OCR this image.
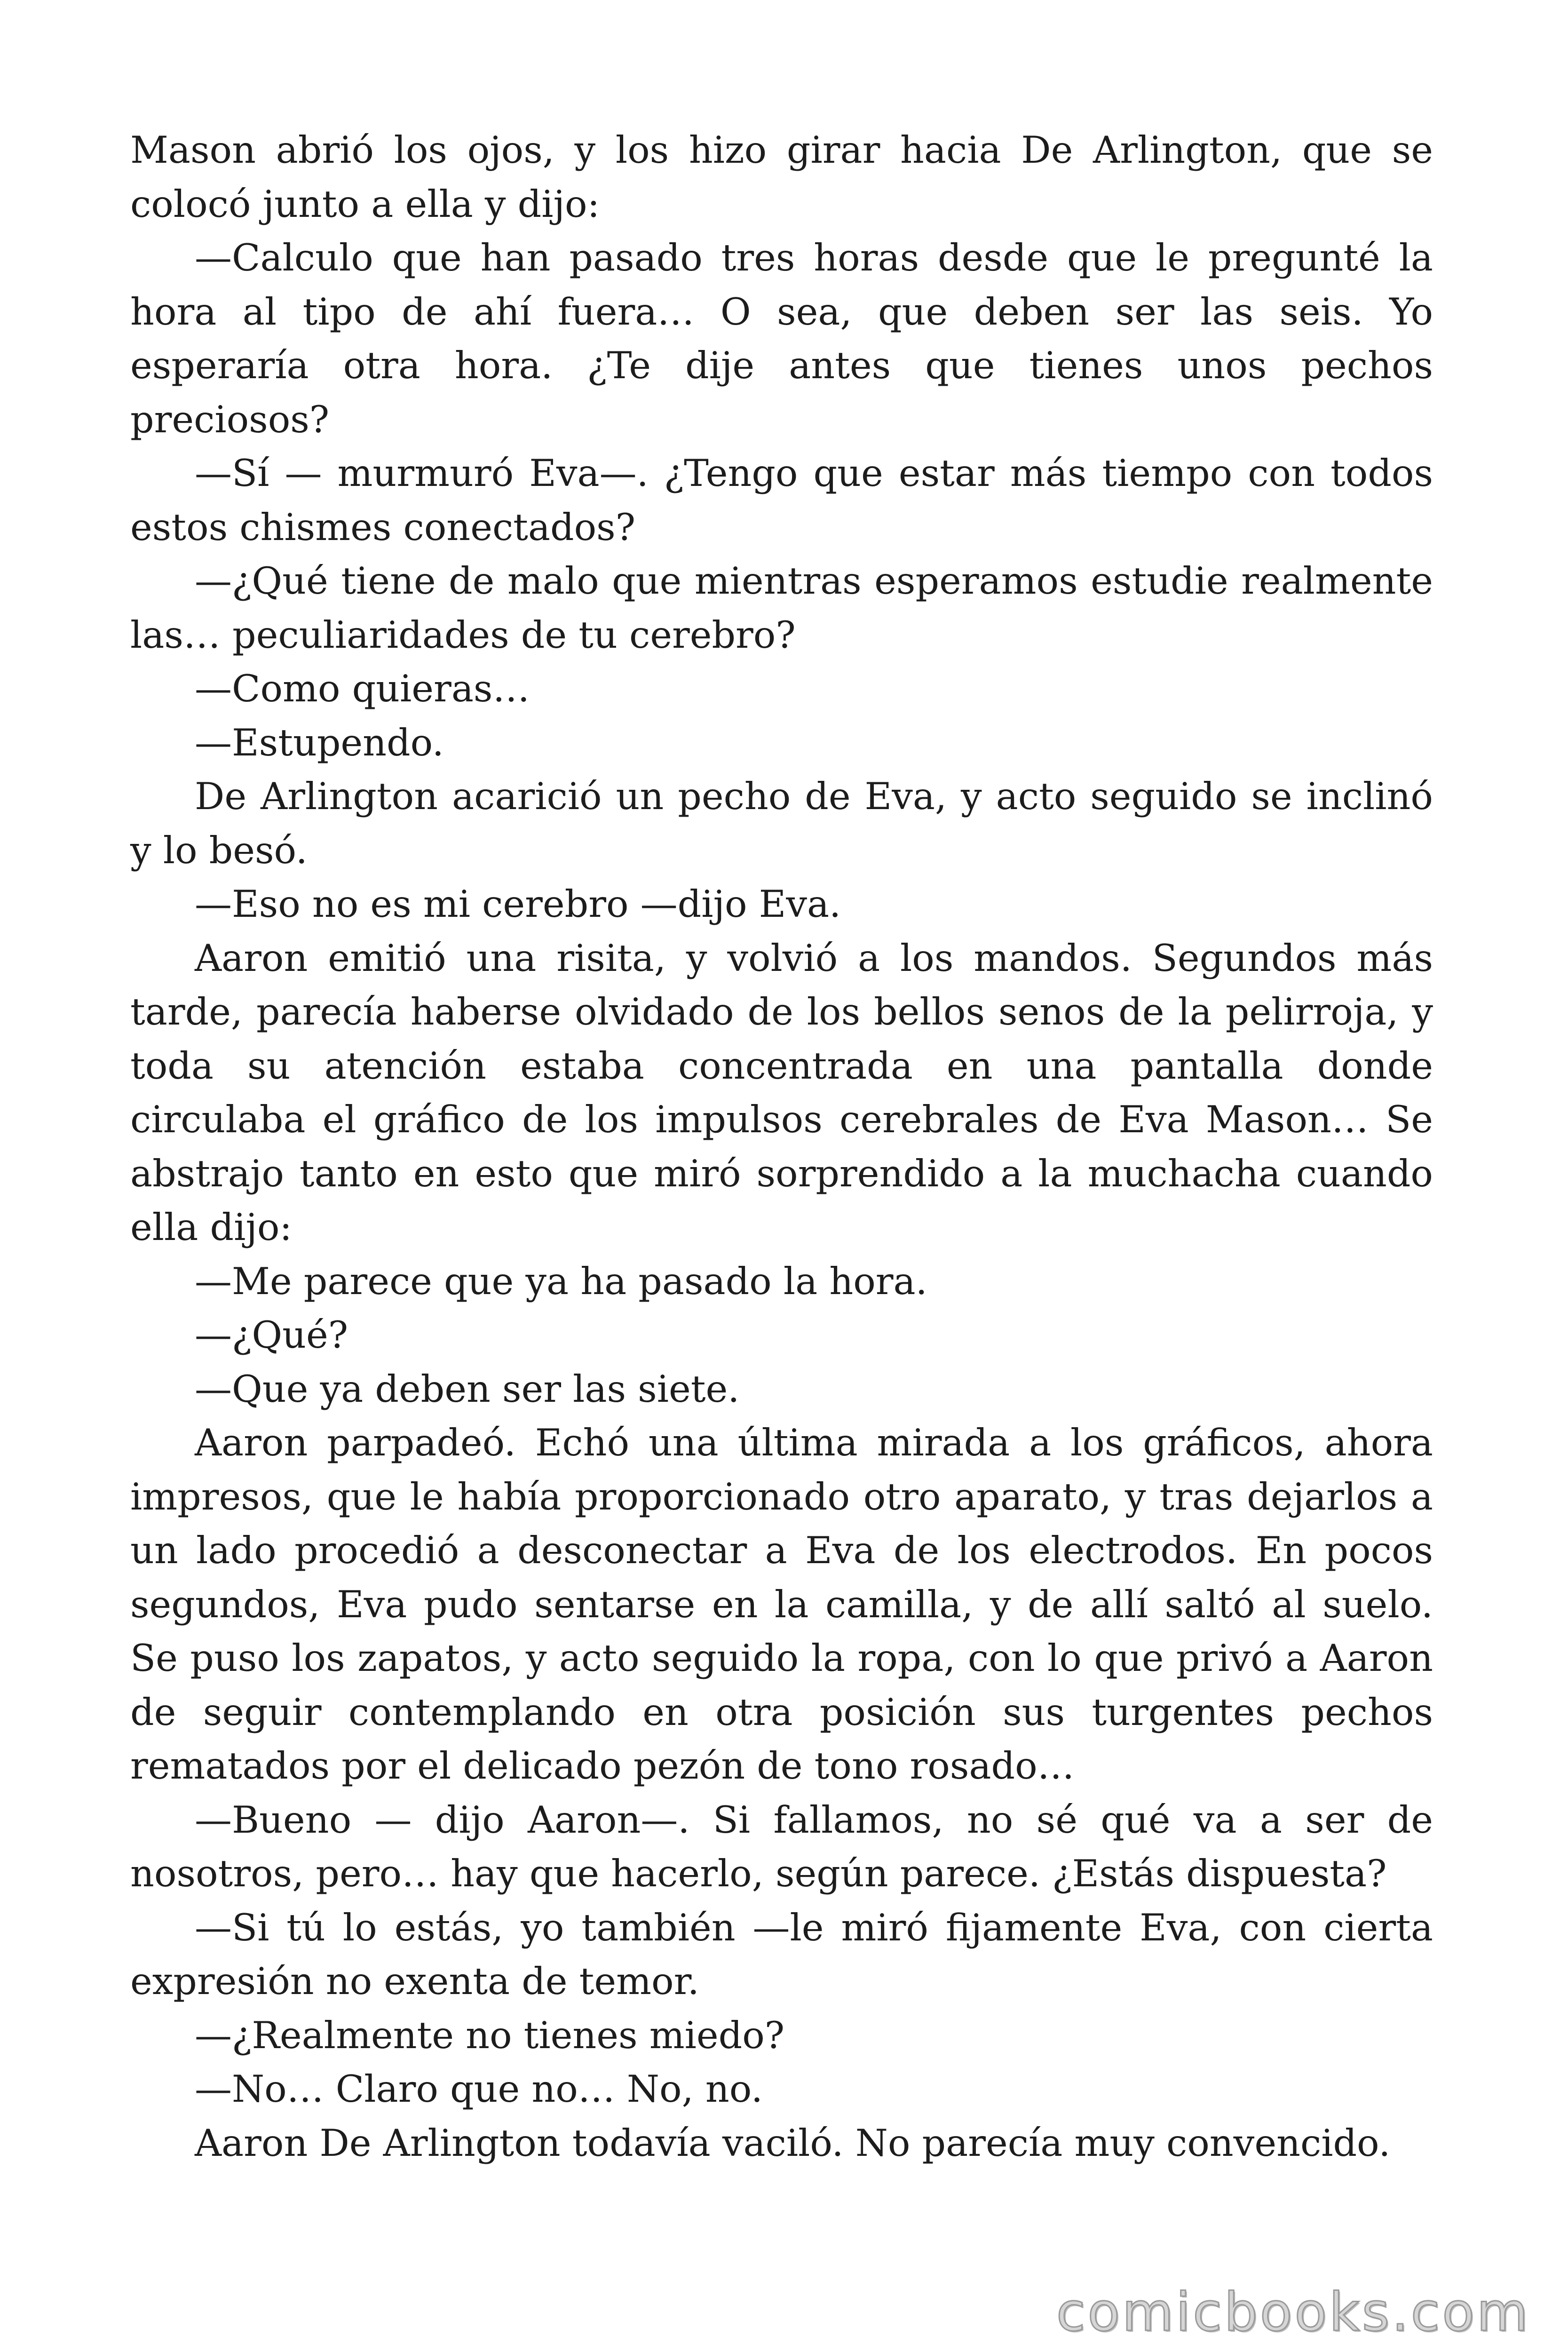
Mason abrió los ojos, y los hizo girar hacia De Arlington, que se colocó junto a ella y dijo:

—Calculo que han pasado tres horas desde que le pregunté la hora al tipo de ahí fuera… O sea, que deben ser las seis. Yo esperaría otra hora. ¿Te dije antes que tienes unos pechos preciosos?

—Sí — murmuró Eva—. ¿Tengo que estar más tiempo con todos estos chismes conectados?

—¿Qué tiene de malo que mientras esperamos estudie realmente las… peculiaridades de tu cerebro?

—Como quieras…

—Estupendo.

De Arlington acarició un pecho de Eva, y acto seguido se inclinó y lo besó.

—Eso no es mi cerebro —dijo Eva.

Aaron emitió una risita, y volvió a los mandos. Segundos más tarde, parecía haberse olvidado de los bellos senos de la pelirroja, y toda su atención estaba concentrada en una pantalla donde circulaba el gráfico de los impulsos cerebrales de Eva Mason… Se abstrajo tanto en esto que miró sorprendido a la muchacha cuando ella dijo:

—Me parece que ya ha pasado la hora.

—¿Qué?

—Que ya deben ser las siete.

Aaron parpadeó. Echó una última mirada a los gráficos, ahora impresos, que le había proporcionado otro aparato, y tras dejarlos a un lado procedió a desconectar a Eva de los electrodos. En pocos segundos, Eva pudo sentarse en la camilla, y de allí saltó al suelo. Se puso los zapatos, y acto seguido la ropa, con lo que privó a Aaron de seguir contemplando en otra posición sus turgentes pechos rematados por el delicado pezón de tono rosado…

—Bueno — dijo Aaron—. Si fallamos, no sé qué va a ser de nosotros, pero… hay que hacerlo, según parece. ¿Estás dispuesta?

—Si tú lo estás, yo también —le miró fijamente Eva, con cierta expresión no exenta de temor.

—¿Realmente no tienes miedo?

—No… Claro que no… No, no.

Aaron De Arlington todavía vaciló. No parecía muy convencido.

comicbooks.com
